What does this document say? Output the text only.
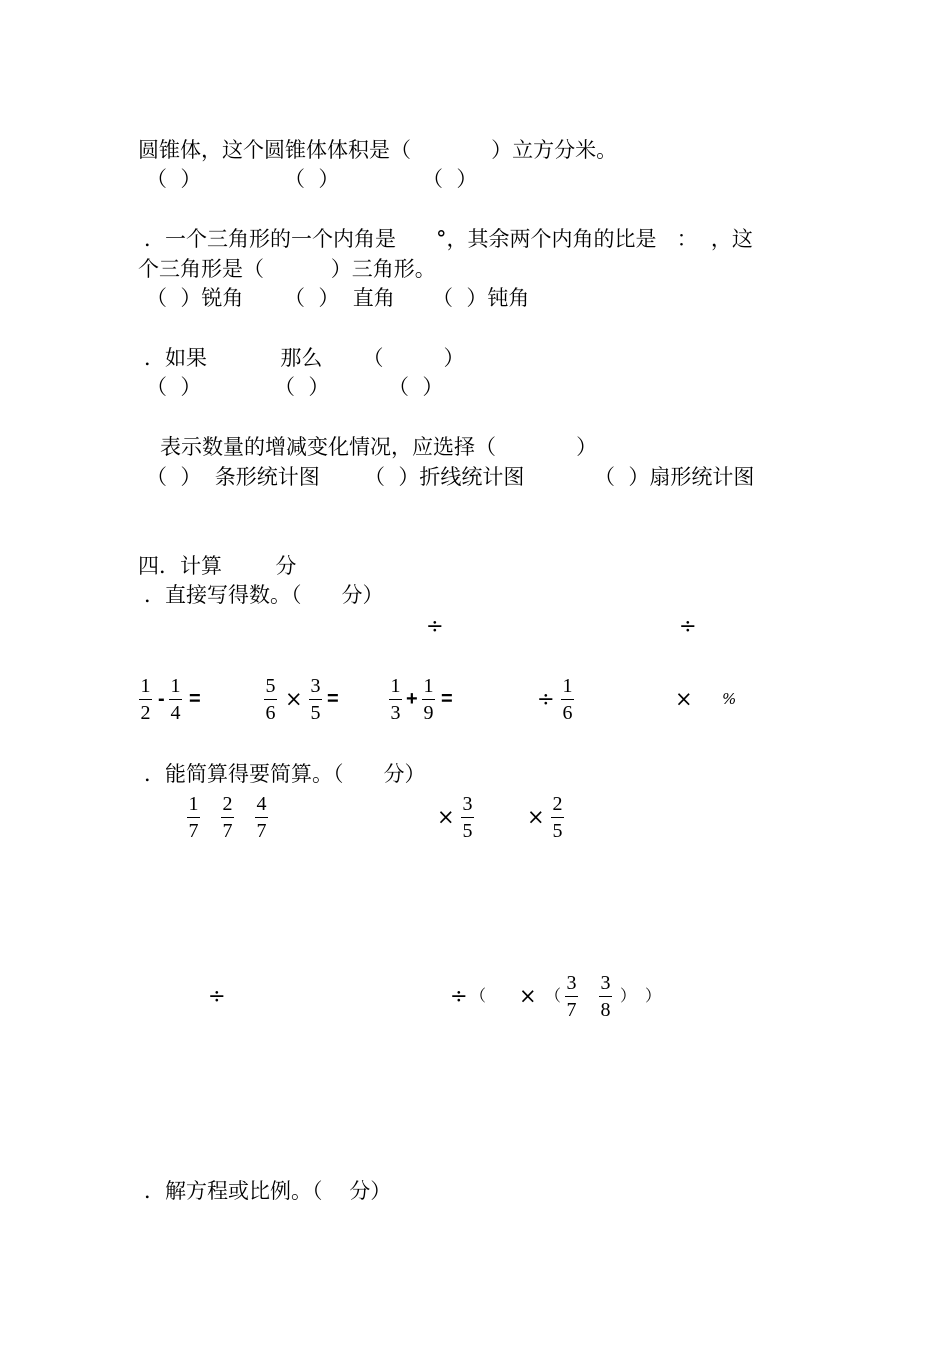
圆锥体，这个圆锥体体积是（            ）立方分米。
（  ）	（  ）	（  ）
．一个三角形的一个内角是      °，其余两个内角的比是   ：  ，这
个三角形是（          ）三角形。
（  ）锐角 （  ）  直角 （  ）钝角
．如果           那么      （         ）
（  ）	（  ）	（  ）
表示数量的增减变化情况，应选择（            ）
（  ）  条形统计图 （  ）折线统计图	（  ）扇形统计图
四．计算        分
．直接写得数。（      分）
÷	÷
1
2
-
1
4
=
5
6
×
3
5
=
1
3
+
1
9
=	÷
1
6
× %
．能简算得要简算。（      分）
1
7
2
7
4
7
×
3
5
×
2
5
÷	÷ （ × （
3
7
3
8
） ）
．解方程或比例。（    分）
